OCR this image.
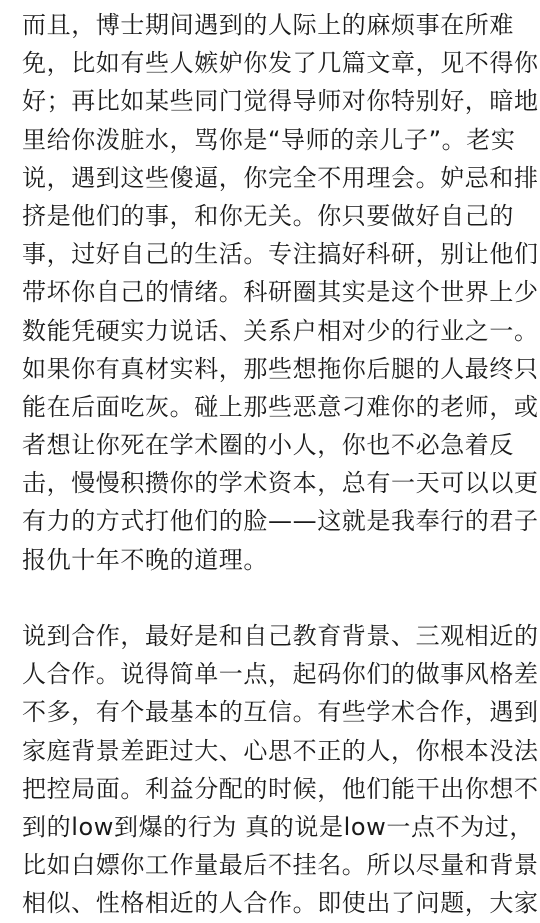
而且，博士期间遇到的人际上的麻烦事在所难
免，比如有些人嫉妒你发了几篇文章，见不得你
好；再比如某些同门觉得导师对你特别好，暗地
里给你泼脏水，骂你是“导师的亲儿子”。老实
说，遇到这些傻逼，你完全不用理会。妒忌和排
挤是他们的事，和你无关。你只要做好自己的
事，过好自己的生活。专注搞好科研，别让他们
带坏你自己的情绪。科研圈其实是这个世界上少
数能凭硬实力说话、关系户相对少的行业之一。
如果你有真材实料，那些想拖你后腿的人最终只
能在后面吃灰。碰上那些恶意刁难你的老师，或
者想让你死在学术圈的小人，你也不必急着反
击，慢慢积攒你的学术资本，总有一天可以以更
有力的方式打他们的脸——这就是我奉行的君子
报仇十年不晚的道理。
说到合作，最好是和自己教育背景、三观相近的
人合作。说得简单一点，起码你们的做事风格差
不多，有个最基本的互信。有些学术合作，遇到
家庭背景差距过大、心思不正的人，你根本没法
把控局面。利益分配的时候，他们能干出你想不
到的low到爆的行为 真的说是low一点不为过，
比如白嫖你工作量最后不挂名。所以尽量和背景
相似、性格相近的人合作。即使出了问题，大家
